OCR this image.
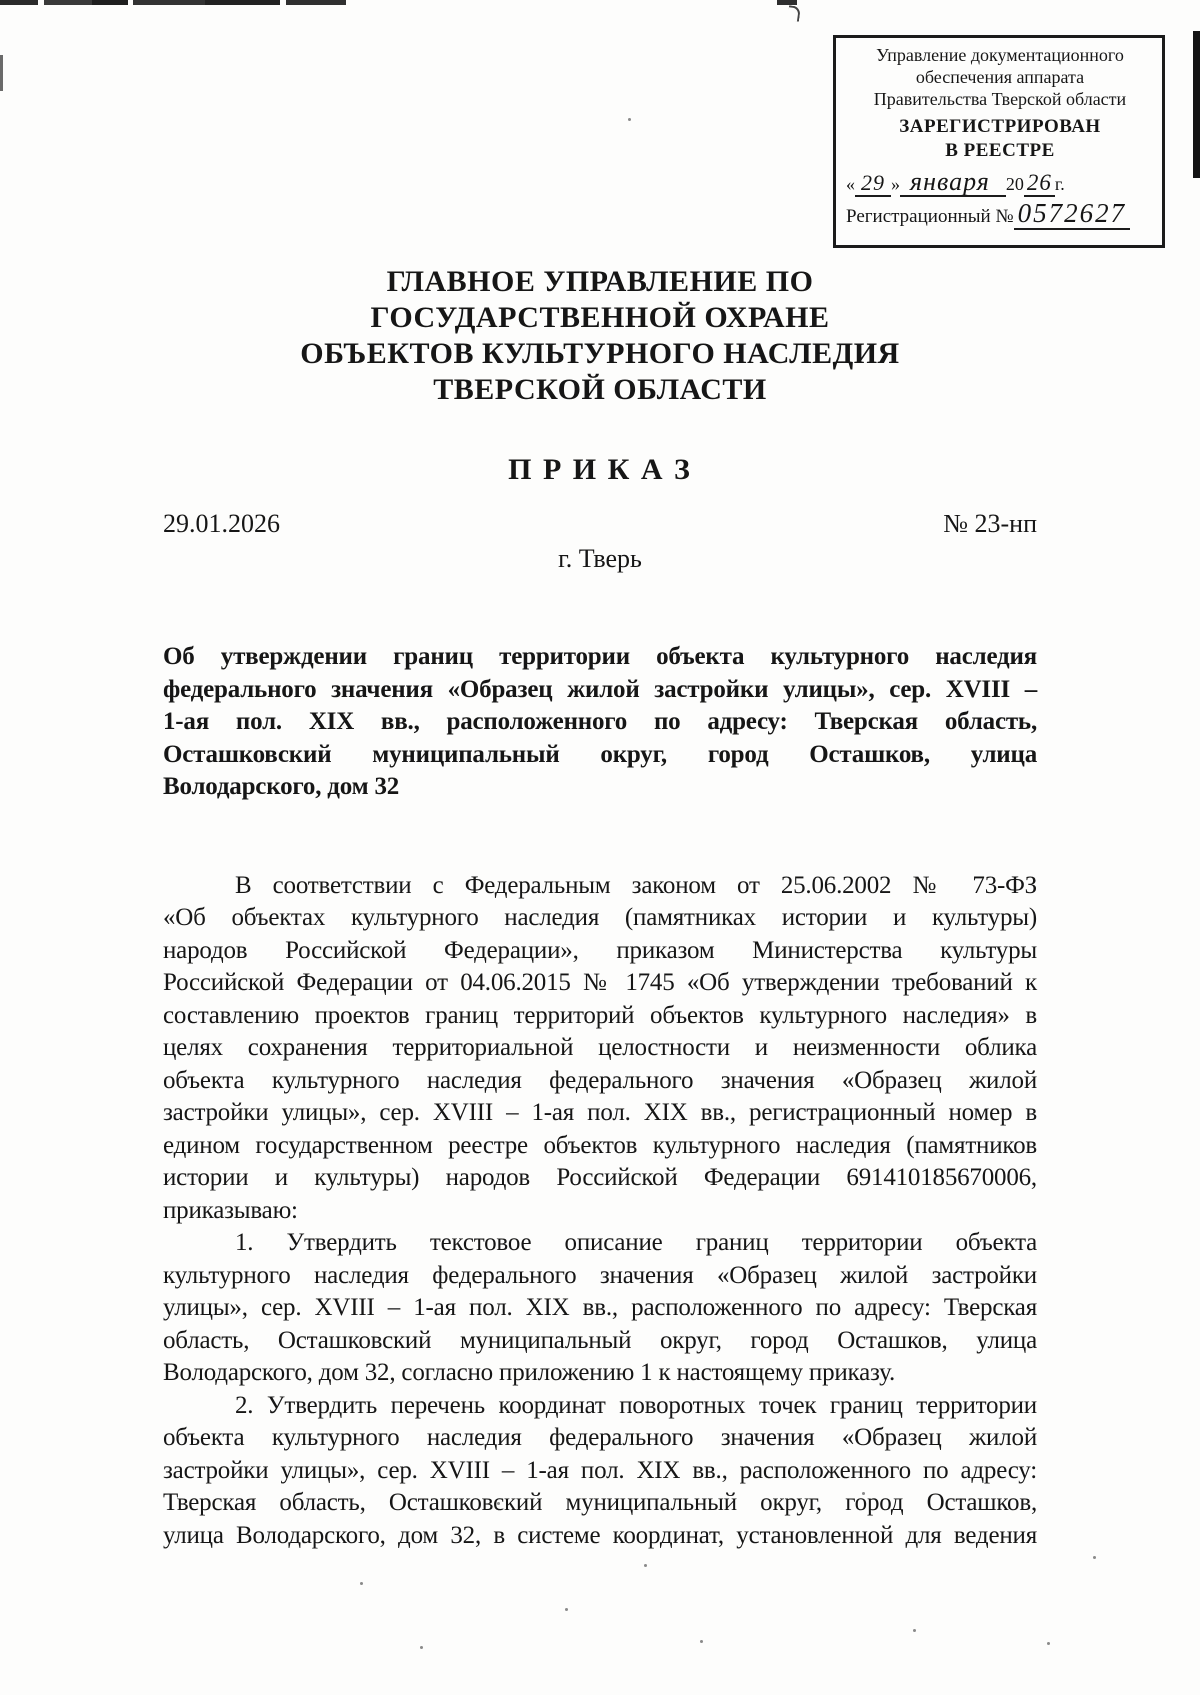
Управление документационного
обеспечения аппарата
Правительства Тверской области
ЗАРЕГИСТРИРОВАН
В РЕЕСТРЕ
« 29 » января 20 26 г.
Регистрационный № 0572627
ГЛАВНОЕ УПРАВЛЕНИЕ ПО
ГОСУДАРСТВЕННОЙ ОХРАНЕ
ОБЪЕКТОВ КУЛЬТУРНОГО НАСЛЕДИЯ
ТВЕРСКОЙ ОБЛАСТИ
П Р И К А З
29.01.2026	№ 23-нп
г. Тверь
Об утверждении границ территории объекта культурного наследия
федерального значения «Образец жилой застройки улицы», сер. XVIII –
1-ая пол. XIX вв., расположенного по адресу: Тверская область,
Осташковский муниципальный округ, город Осташков, улица
Володарского, дом 32
В соответствии с Федеральным законом от 25.06.2002 № 73-ФЗ
«Об объектах культурного наследия (памятниках истории и культуры)
народов Российской Федерации», приказом Министерства культуры
Российской Федерации от 04.06.2015 № 1745 «Об утверждении требований к
составлению проектов границ территорий объектов культурного наследия» в
целях сохранения территориальной целостности и неизменности облика
объекта культурного наследия федерального значения «Образец жилой
застройки улицы», сер. XVIII – 1-ая пол. XIX вв., регистрационный номер в
едином государственном реестре объектов культурного наследия (памятников
истории и культуры) народов Российской Федерации 691410185670006,
приказываю:
1. Утвердить текстовое описание границ территории объекта
культурного наследия федерального значения «Образец жилой застройки
улицы», сер. XVIII – 1-ая пол. XIX вв., расположенного по адресу: Тверская
область, Осташковский муниципальный округ, город Осташков, улица
Володарского, дом 32, согласно приложению 1 к настоящему приказу.
2. Утвердить перечень координат поворотных точек границ территории
объекта культурного наследия федерального значения «Образец жилой
застройки улицы», сер. XVIII – 1-ая пол. XIX вв., расположенного по адресу:
Тверская область, Осташковский муниципальный округ, город Осташков,
улица Володарского, дом 32, в системе координат, установленной для ведения
